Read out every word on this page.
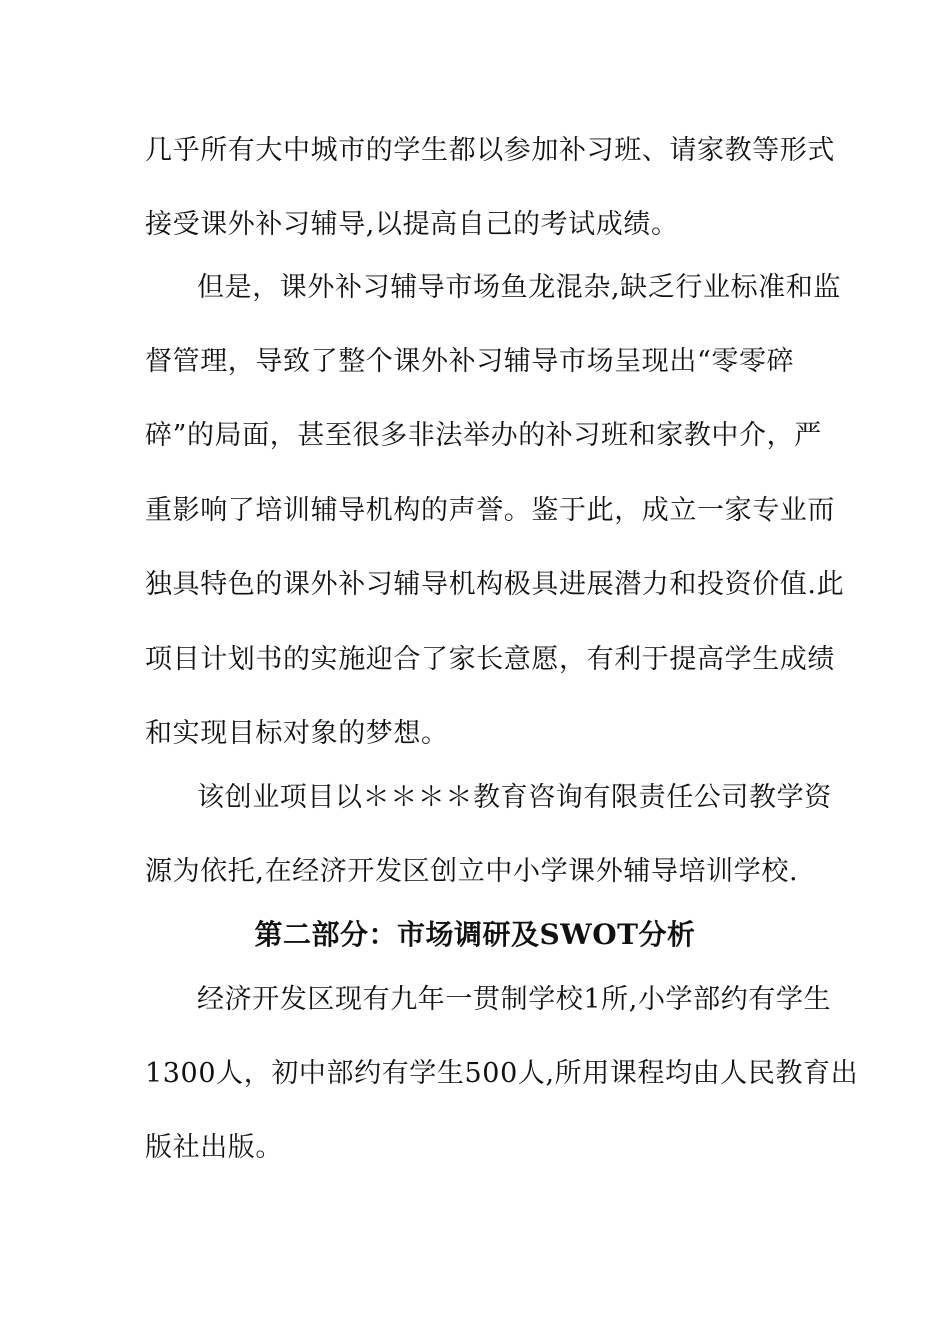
几乎所有大中城市的学生都以参加补习班、请家教等形式
接受课外补习辅导,以提高自己的考试成绩。
但是，课外补习辅导市场鱼龙混杂,缺乏行业标准和监
督管理，导致了整个课外补习辅导市场呈现出“零零碎
碎”的局面，甚至很多非法举办的补习班和家教中介，严
重影响了培训辅导机构的声誉。鉴于此，成立一家专业而
独具特色的课外补习辅导机构极具进展潜力和投资价值.此
项目计划书的实施迎合了家长意愿，有利于提高学生成绩
和实现目标对象的梦想。
该创业项目以＊＊＊＊教育咨询有限责任公司教学资
源为依托,在经济开发区创立中小学课外辅导培训学校.
第二部分：市场调研及SWOT分析
经济开发区现有九年一贯制学校1所,小学部约有学生
1300人，初中部约有学生500人,所用课程均由人民教育出
版社出版。
